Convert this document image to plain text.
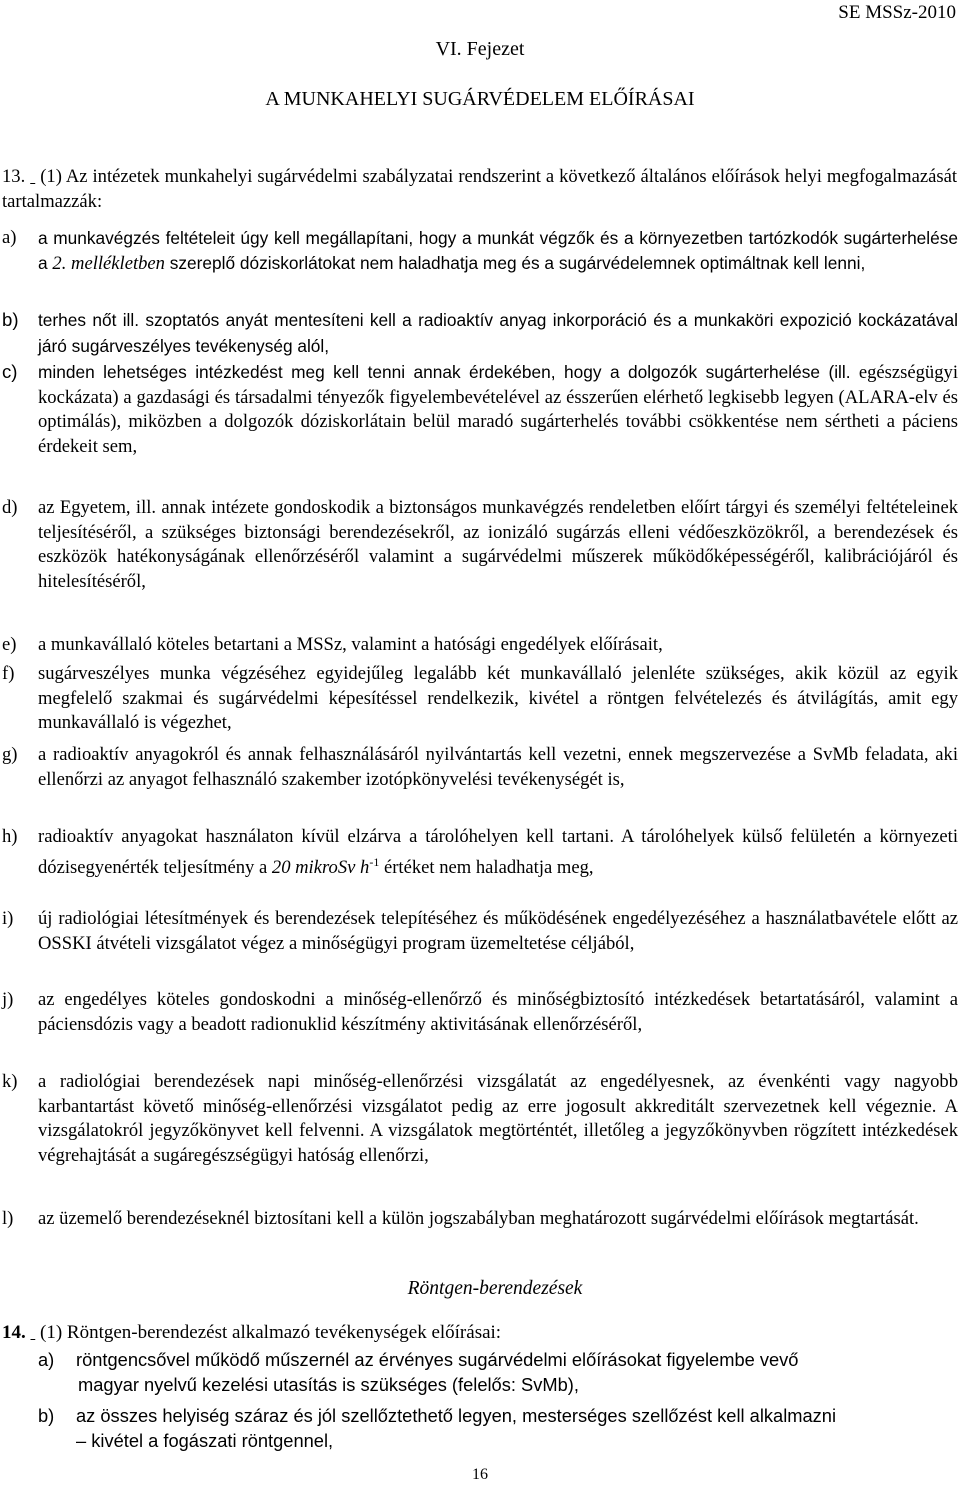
SE MSSz-2010
VI. Fejezet
A MUNKAHELYI SUGÁRVÉDELEM ELŐÍRÁSAI
13. (1) Az intézetek munkahelyi sugárvédelmi szabályzatai rendszerint a következő általános előírások helyi megfogalmazását tartalmazzák:
a)	a munkavégzés feltételeit úgy kell megállapítani, hogy a munkát végzők és a környezetben tartózkodók sugárterhelése a 2. mellékletben szereplő dóziskorlátokat nem haladhatja meg és a sugárvédelemnek optimáltnak kell lenni,
b)	terhes nőt ill. szoptatós anyát mentesíteni kell a radioaktív anyag inkorporáció és a munkaköri expozició kockázatával járó sugárveszélyes tevékenység alól,
c)	minden lehetséges intézkedést meg kell tenni annak érdekében, hogy a dolgozók sugárterhelése (ill. egészségügyi kockázata) a gazdasági és társadalmi tényezők figyelembevételével az ésszerűen elérhető legkisebb legyen (ALARA-elv és optimálás), miközben a dolgozók dóziskorlátain belül maradó sugárterhelés további csökkentése nem sértheti a páciens érdekeit sem,
d)	az Egyetem, ill. annak intézete gondoskodik a biztonságos munkavégzés rendeletben előírt tárgyi és személyi feltételeinek teljesítéséről, a szükséges biztonsági berendezésekről, az ionizáló sugárzás elleni védőeszközökről, a berendezések és eszközök hatékonyságának ellenőrzéséről valamint a sugárvédelmi műszerek működőképességéről, kalibrációjáról és hitelesítéséről,
e)	a munkavállaló köteles betartani a MSSz, valamint a hatósági engedélyek előírásait,
f)	sugárveszélyes munka végzéséhez egyidejűleg legalább két munkavállaló jelenléte szükséges, akik közül az egyik megfelelő szakmai és sugárvédelmi képesítéssel rendelkezik, kivétel a röntgen felvételezés és átvilágítás, amit egy munkavállaló is végezhet,
g)	a radioaktív anyagokról és annak felhasználásáról nyilvántartás kell vezetni, ennek megszervezése a SvMb feladata, aki ellenőrzi az anyagot felhasználó szakember izotópkönyvelési tevékenységét is,
h)	radioaktív anyagokat használaton kívül elzárva a tárolóhelyen kell tartani. A tárolóhelyek külső felületén a környezeti dózisegyenérték teljesítmény a 20 mikroSv $h^{-1}$ értéket nem haladhatja meg,
i)	új radiológiai létesítmények és berendezések telepítéséhez és működésének engedélyezéséhez a használatbavétele előtt az OSSKI átvételi vizsgálatot végez a minőségügyi program üzemeltetése céljából,
j)	az engedélyes köteles gondoskodni a minőség-ellenőrző és minőségbiztosító intézkedések betartatásáról, valamint a páciensdózis vagy a beadott radionuklid készítmény aktivitásának ellenőrzéséről,
k)	a radiológiai berendezések napi minőség-ellenőrzési vizsgálatát az engedélyesnek, az évenkénti vagy nagyobb karbantartást követő minőség-ellenőrzési vizsgálatot pedig az erre jogosult akkreditált szervezetnek kell végeznie. A vizsgálatokról jegyzőkönyvet kell felvenni. A vizsgálatok megtörténtét, illetőleg a jegyzőkönyvben rögzített intézkedések végrehajtását a sugáregészségügyi hatóság ellenőrzi,
l)	az üzemelő berendezéseknél biztosítani kell a külön jogszabályban meghatározott sugárvédelmi előírások megtartását.
Röntgen-berendezések
14. (1) Röntgen-berendezést alkalmazó tevékenységek előírásai:
a) röntgencsővel működő műszernél az érvényes sugárvédelmi előírásokat figyelembe vevő
magyar nyelvű kezelési utasítás is szükséges (felelős: SvMb),
b) az összes helyiség száraz és jól szellőztethető legyen, mesterséges szellőzést kell alkalmazni
– kivétel a fogászati röntgennel,
16
